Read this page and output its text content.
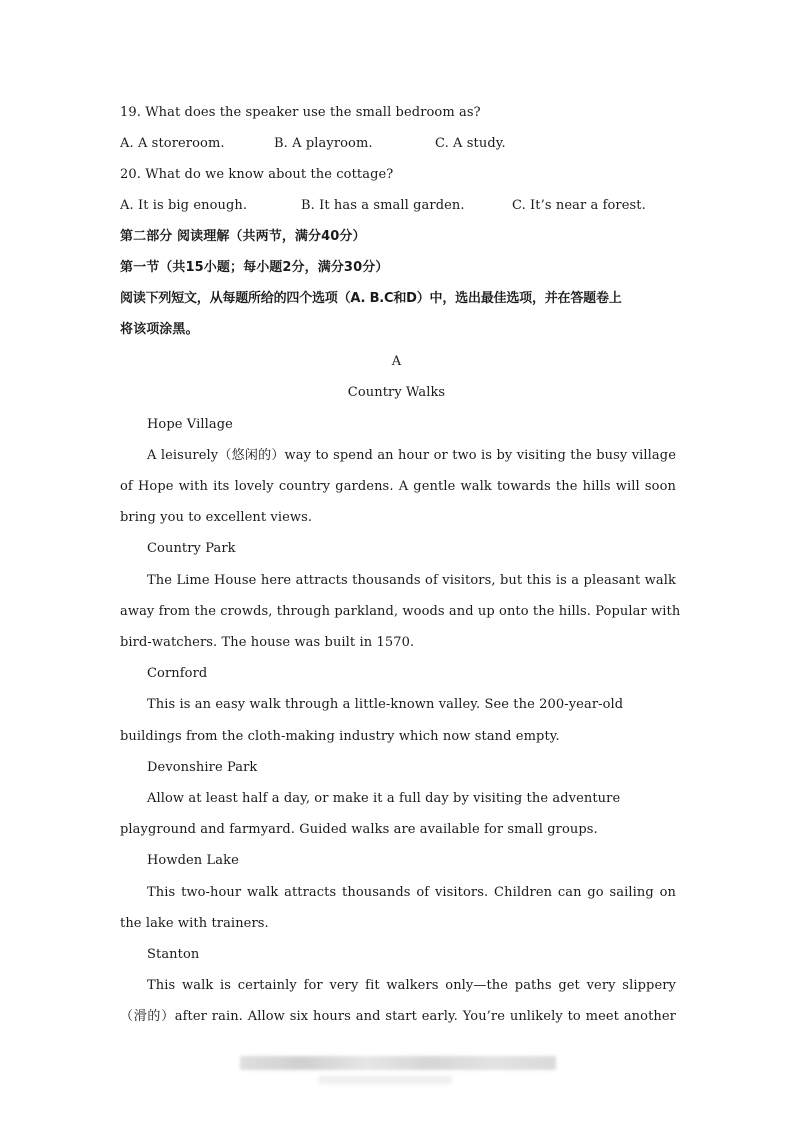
19. What does the speaker use the small bedroom as?
A. A storeroom.	B. A playroom.	C. A study.
20. What do we know about the cottage?
A. It is big enough.	B. It has a small garden.	C. It’s near a forest.
第二部分 阅读理解（共两节，满分40分）
第一节（共15小题；每小题2分，满分30分）
阅读下列短文，从每题所给的四个选项（A. B.C和D）中，选出最佳选项，并在答题卷上
将该项涂黑。
A
Country Walks
Hope Village
A leisurely（悠闲的）way to spend an hour or two is by visiting the busy village
of Hope with its lovely country gardens. A gentle walk towards the hills will soon
bring you to excellent views.
Country Park
The Lime House here attracts thousands of visitors, but this is a pleasant walk
away from the crowds, through parkland, woods and up onto the hills. Popular with
bird-watchers. The house was built in 1570.
Cornford
This is an easy walk through a little-known valley. See the 200-year-old
buildings from the cloth-making industry which now stand empty.
Devonshire Park
Allow at least half a day, or make it a full day by visiting the adventure
playground and farmyard. Guided walks are available for small groups.
Howden Lake
This two-hour walk attracts thousands of visitors. Children can go sailing on
the lake with trainers.
Stanton
This walk is certainly for very fit walkers only—the paths get very slippery
（滑的）after rain. Allow six hours and start early. You’re unlikely to meet another
